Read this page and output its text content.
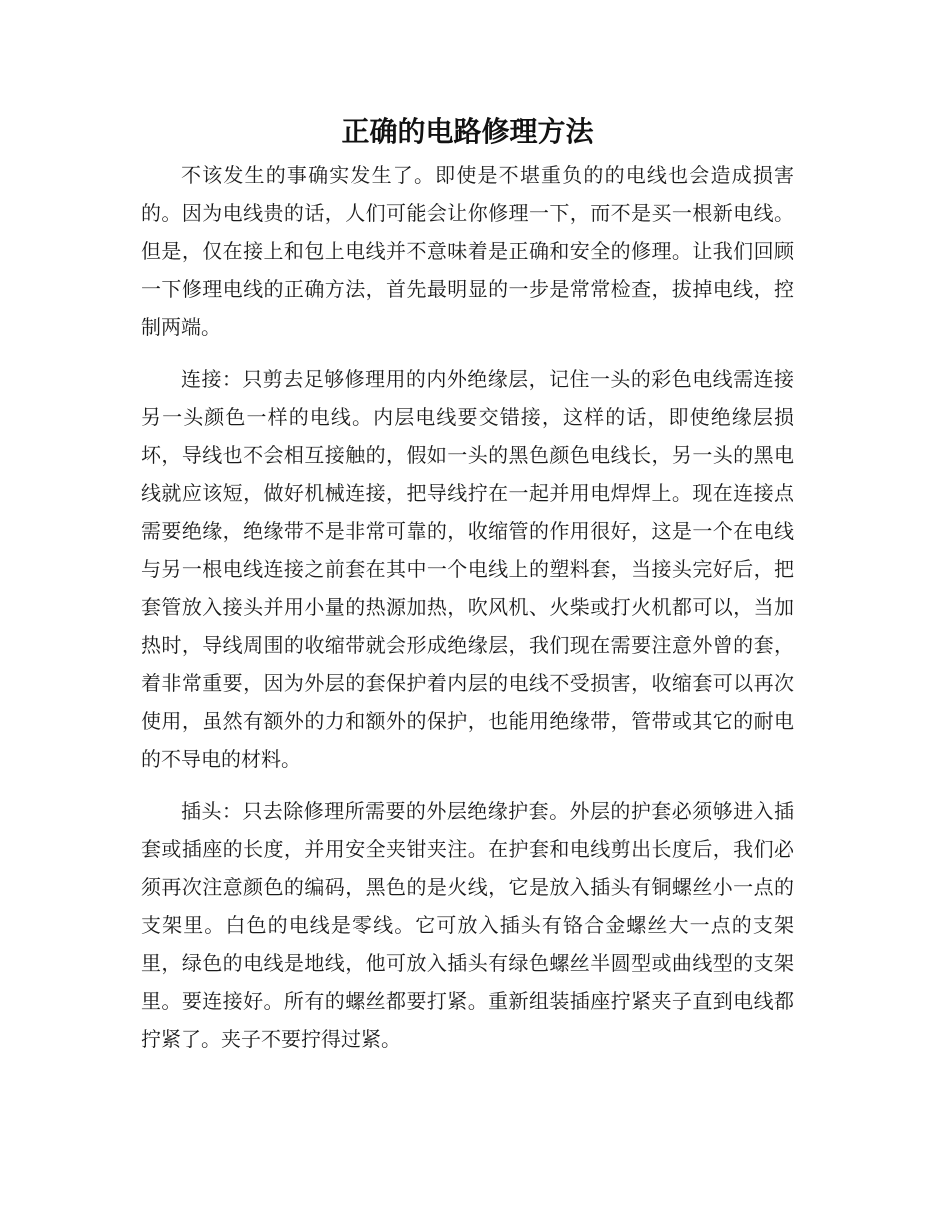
正确的电路修理方法

不该发生的事确实发生了。即使是不堪重负的的电线也会造成损害的。因为电线贵的话，人们可能会让你修理一下，而不是买一根新电线。但是，仅在接上和包上电线并不意味着是正确和安全的修理。让我们回顾一下修理电线的正确方法，首先最明显的一步是常常检查，拔掉电线，控制两端。

连接：只剪去足够修理用的内外绝缘层，记住一头的彩色电线需连接另一头颜色一样的电线。内层电线要交错接，这样的话，即使绝缘层损坏，导线也不会相互接触的，假如一头的黑色颜色电线长，另一头的黑电线就应该短，做好机械连接，把导线拧在一起并用电焊焊上。现在连接点需要绝缘，绝缘带不是非常可靠的，收缩管的作用很好，这是一个在电线与另一根电线连接之前套在其中一个电线上的塑料套，当接头完好后，把套管放入接头并用小量的热源加热，吹风机、火柴或打火机都可以，当加热时，导线周围的收缩带就会形成绝缘层，我们现在需要注意外曾的套，着非常重要，因为外层的套保护着内层的电线不受损害，收缩套可以再次使用，虽然有额外的力和额外的保护，也能用绝缘带，管带或其它的耐电的不导电的材料。

插头：只去除修理所需要的外层绝缘护套。外层的护套必须够进入插套或插座的长度，并用安全夹钳夹注。在护套和电线剪出长度后，我们必须再次注意颜色的编码，黑色的是火线，它是放入插头有铜螺丝小一点的支架里。白色的电线是零线。它可放入插头有铬合金螺丝大一点的支架里，绿色的电线是地线，他可放入插头有绿色螺丝半圆型或曲线型的支架里。要连接好。所有的螺丝都要打紧。重新组装插座拧紧夹子直到电线都拧紧了。夹子不要拧得过紧。
